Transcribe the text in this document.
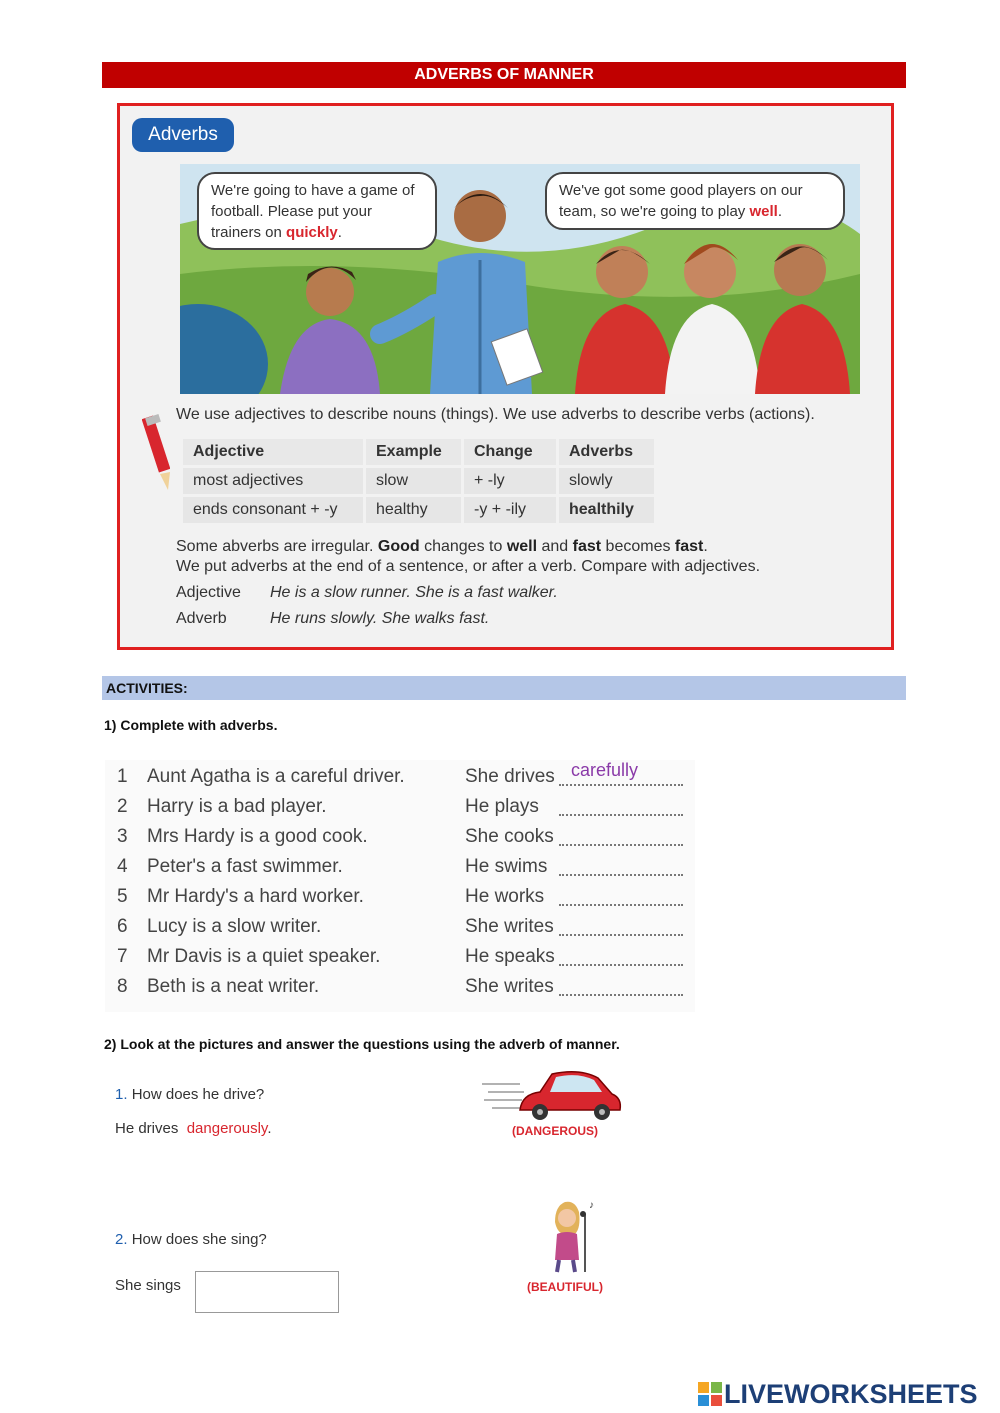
ADVERBS OF MANNER
Adverbs
We're going to have a game of football. Please put your trainers on quickly.
We've got some good players on our team, so we're going to play well.
We use adjectives to describe nouns (things). We use adverbs to describe verbs (actions).
Adjective	Example	Change	Adverbs
most adjectives	slow	+ -ly	slowly
ends consonant + -y	healthy	-y + -ily	healthily
Some abverbs are irregular. Good changes to well and fast becomes fast.
We put adverbs at the end of a sentence, or after a verb. Compare with adjectives.
Adjective He is a slow runner. She is a fast walker.
Adverb	He runs slowly. She walks fast.
ACTIVITIES:
1) Complete with adverbs.
1	Aunt Agatha is a careful driver.	She drives carefully
2	Harry is a bad player.	He plays
3	Mrs Hardy is a good cook.	She cooks
4	Peter's a fast swimmer.	He swims
5	Mr Hardy's a hard worker.	He works
6	Lucy is a slow writer.	She writes
7	Mr Davis is a quiet speaker.	He speaks
8	Beth is a neat writer.	She writes
2) Look at the pictures and answer the questions using the adverb of manner.
1. How does he drive?
He drives dangerously.	(DANGEROUS)
2. How does she sing?
She sings
♪
(BEAUTIFUL)
LIVEWORKSHEETS
